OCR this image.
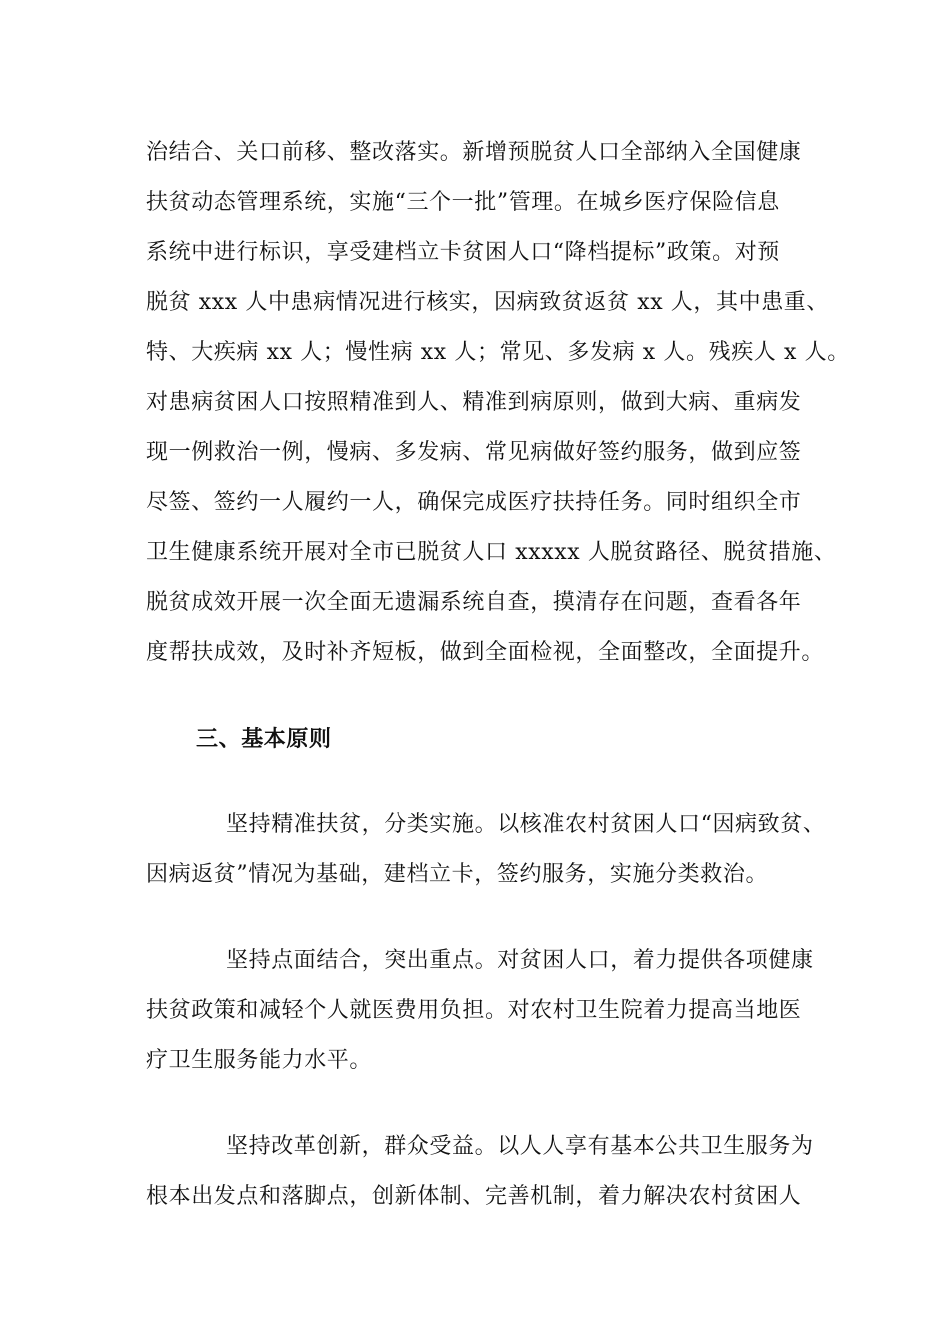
治结合、关口前移、整改落实。新增预脱贫人口全部纳入全国健康
扶贫动态管理系统，实施“三个一批”管理。在城乡医疗保险信息
系统中进行标识，享受建档立卡贫困人口“降档提标”政策。对预
脱贫 xxx 人中患病情况进行核实，因病致贫返贫 xx 人，其中患重、
特、大疾病 xx 人；慢性病 xx 人；常见、多发病 x 人。残疾人 x 人。
对患病贫困人口按照精准到人、精准到病原则，做到大病、重病发
现一例救治一例，慢病、多发病、常见病做好签约服务，做到应签
尽签、签约一人履约一人，确保完成医疗扶持任务。同时组织全市
卫生健康系统开展对全市已脱贫人口 xxxxx 人脱贫路径、脱贫措施、
脱贫成效开展一次全面无遗漏系统自查，摸清存在问题，查看各年
度帮扶成效，及时补齐短板，做到全面检视，全面整改，全面提升。
三、基本原则
坚持精准扶贫，分类实施。以核准农村贫困人口“因病致贫、
因病返贫”情况为基础，建档立卡，签约服务，实施分类救治。
坚持点面结合，突出重点。对贫困人口，着力提供各项健康
扶贫政策和减轻个人就医费用负担。对农村卫生院着力提高当地医
疗卫生服务能力水平。
坚持改革创新，群众受益。以人人享有基本公共卫生服务为
根本出发点和落脚点，创新体制、完善机制，着力解决农村贫困人
